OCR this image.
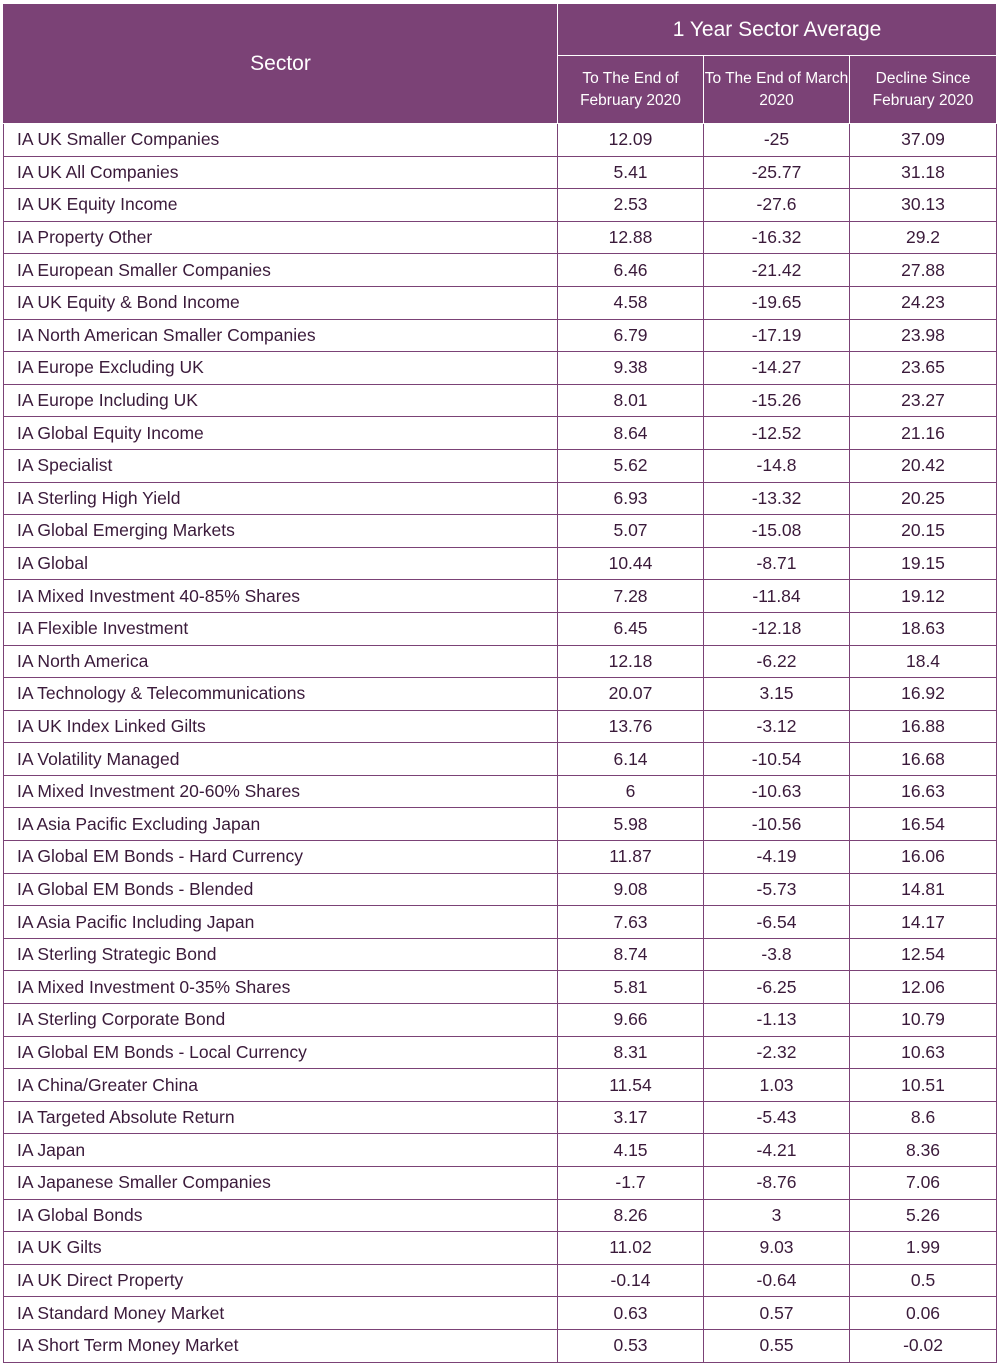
Sector	1 Year Sector Average		
	To The End of February 2020	To The End of March 2020	Decline Since February 2020
IA UK Smaller Companies	12.09	-25	37.09
IA UK All Companies	5.41	-25.77	31.18
IA UK Equity Income	2.53	-27.6	30.13
IA Property Other	12.88	-16.32	29.2
IA European Smaller Companies	6.46	-21.42	27.88
IA UK Equity & Bond Income	4.58	-19.65	24.23
IA North American Smaller Companies	6.79	-17.19	23.98
IA Europe Excluding UK	9.38	-14.27	23.65
IA Europe Including UK	8.01	-15.26	23.27
IA Global Equity Income	8.64	-12.52	21.16
IA Specialist	5.62	-14.8	20.42
IA Sterling High Yield	6.93	-13.32	20.25
IA Global Emerging Markets	5.07	-15.08	20.15
IA Global	10.44	-8.71	19.15
IA Mixed Investment 40-85% Shares	7.28	-11.84	19.12
IA Flexible Investment	6.45	-12.18	18.63
IA North America	12.18	-6.22	18.4
IA Technology & Telecommunications	20.07	3.15	16.92
IA UK Index Linked Gilts	13.76	-3.12	16.88
IA Volatility Managed	6.14	-10.54	16.68
IA Mixed Investment 20-60% Shares	6	-10.63	16.63
IA Asia Pacific Excluding Japan	5.98	-10.56	16.54
IA Global EM Bonds - Hard Currency	11.87	-4.19	16.06
IA Global EM Bonds - Blended	9.08	-5.73	14.81
IA Asia Pacific Including Japan	7.63	-6.54	14.17
IA Sterling Strategic Bond	8.74	-3.8	12.54
IA Mixed Investment 0-35% Shares	5.81	-6.25	12.06
IA Sterling Corporate Bond	9.66	-1.13	10.79
IA Global EM Bonds - Local Currency	8.31	-2.32	10.63
IA China/Greater China	11.54	1.03	10.51
IA Targeted Absolute Return	3.17	-5.43	8.6
IA Japan	4.15	-4.21	8.36
IA Japanese Smaller Companies	-1.7	-8.76	7.06
IA Global Bonds	8.26	3	5.26
IA UK Gilts	11.02	9.03	1.99
IA UK Direct Property	-0.14	-0.64	0.5
IA Standard Money Market	0.63	0.57	0.06
IA Short Term Money Market	0.53	0.55	-0.02
